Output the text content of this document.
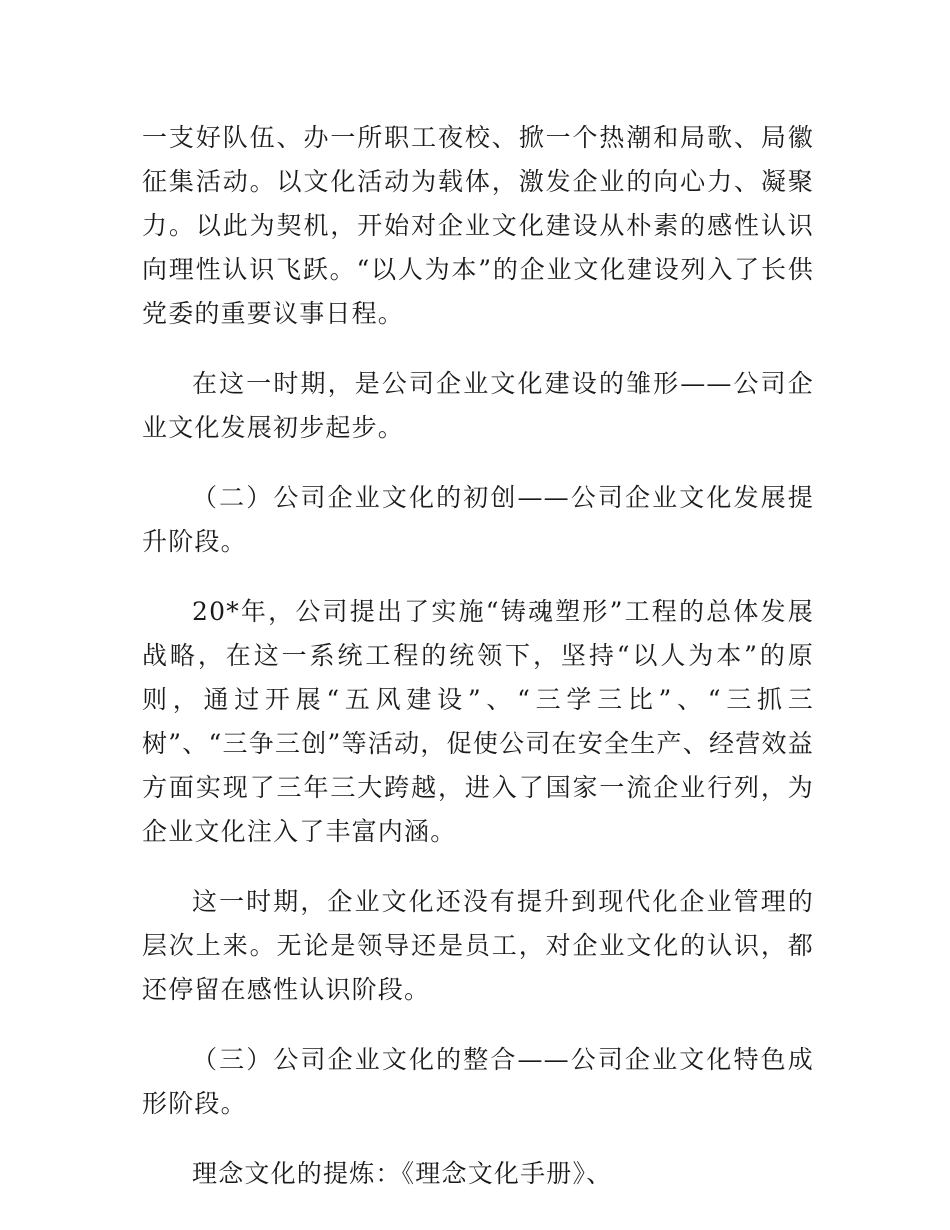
一支好队伍、办一所职工夜校、掀一个热潮和局歌、局徽征集活动。以文化活动为载体，激发企业的向心力、凝聚力。以此为契机，开始对企业文化建设从朴素的感性认识向理性认识飞跃。“以人为本”的企业文化建设列入了长供党委的重要议事日程。

在这一时期，是公司企业文化建设的雏形——公司企业文化发展初步起步。

（二）公司企业文化的初创——公司企业文化发展提升阶段。

20*年，公司提出了实施“铸魂塑形”工程的总体发展战略，在这一系统工程的统领下，坚持“以人为本”的原则，通过开展“五风建设”、“三学三比”、“三抓三树”、“三争三创”等活动，促使公司在安全生产、经营效益方面实现了三年三大跨越，进入了国家一流企业行列，为企业文化注入了丰富内涵。

这一时期，企业文化还没有提升到现代化企业管理的层次上来。无论是领导还是员工，对企业文化的认识，都还停留在感性认识阶段。

（三）公司企业文化的整合——公司企业文化特色成形阶段。

理念文化的提炼：《理念文化手册》、
